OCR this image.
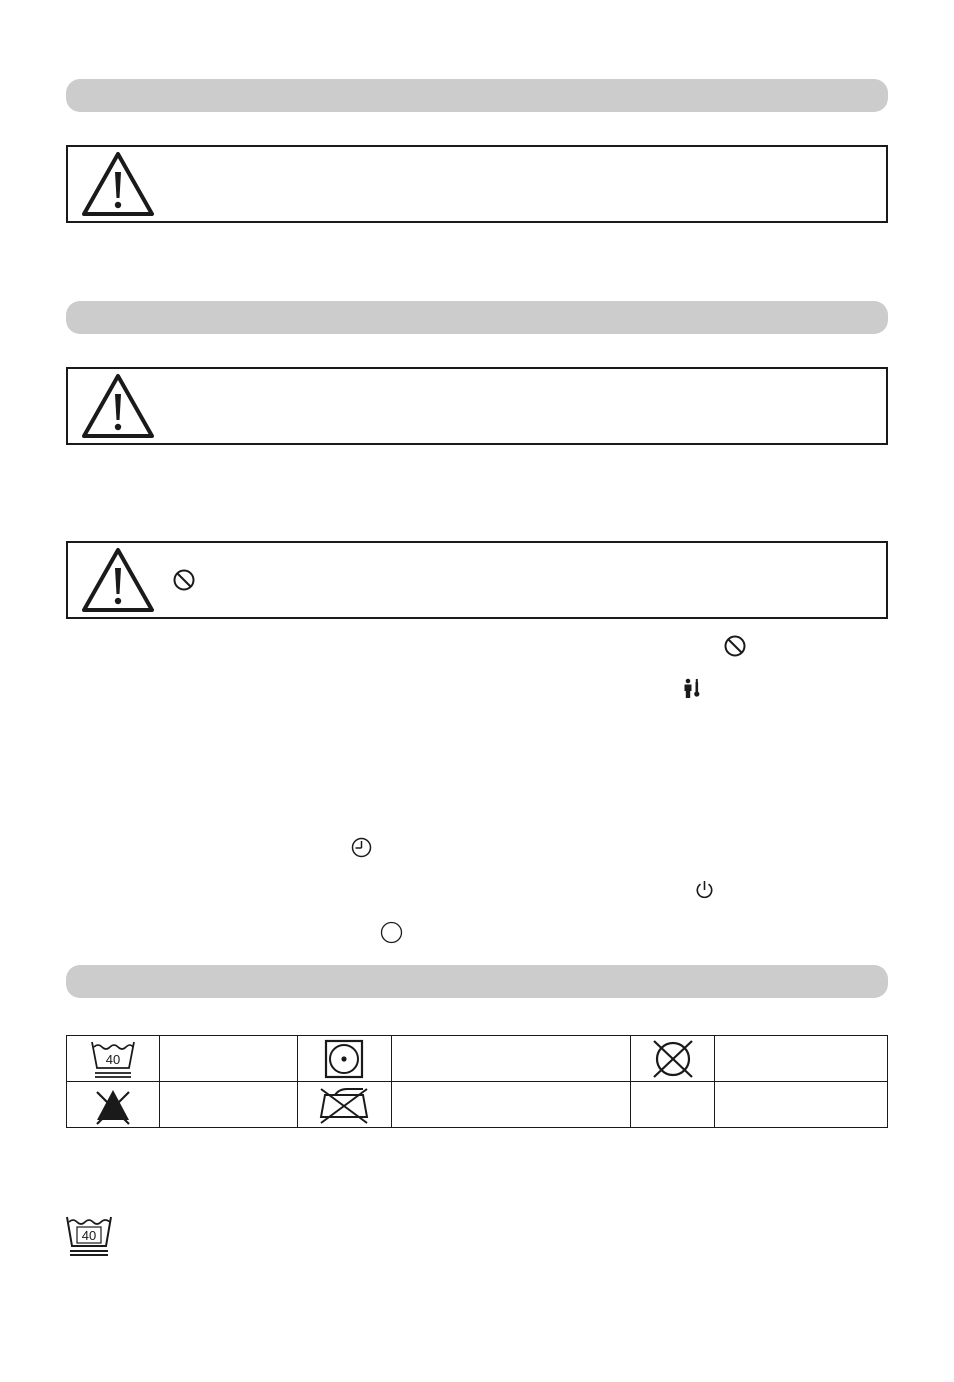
40

40
